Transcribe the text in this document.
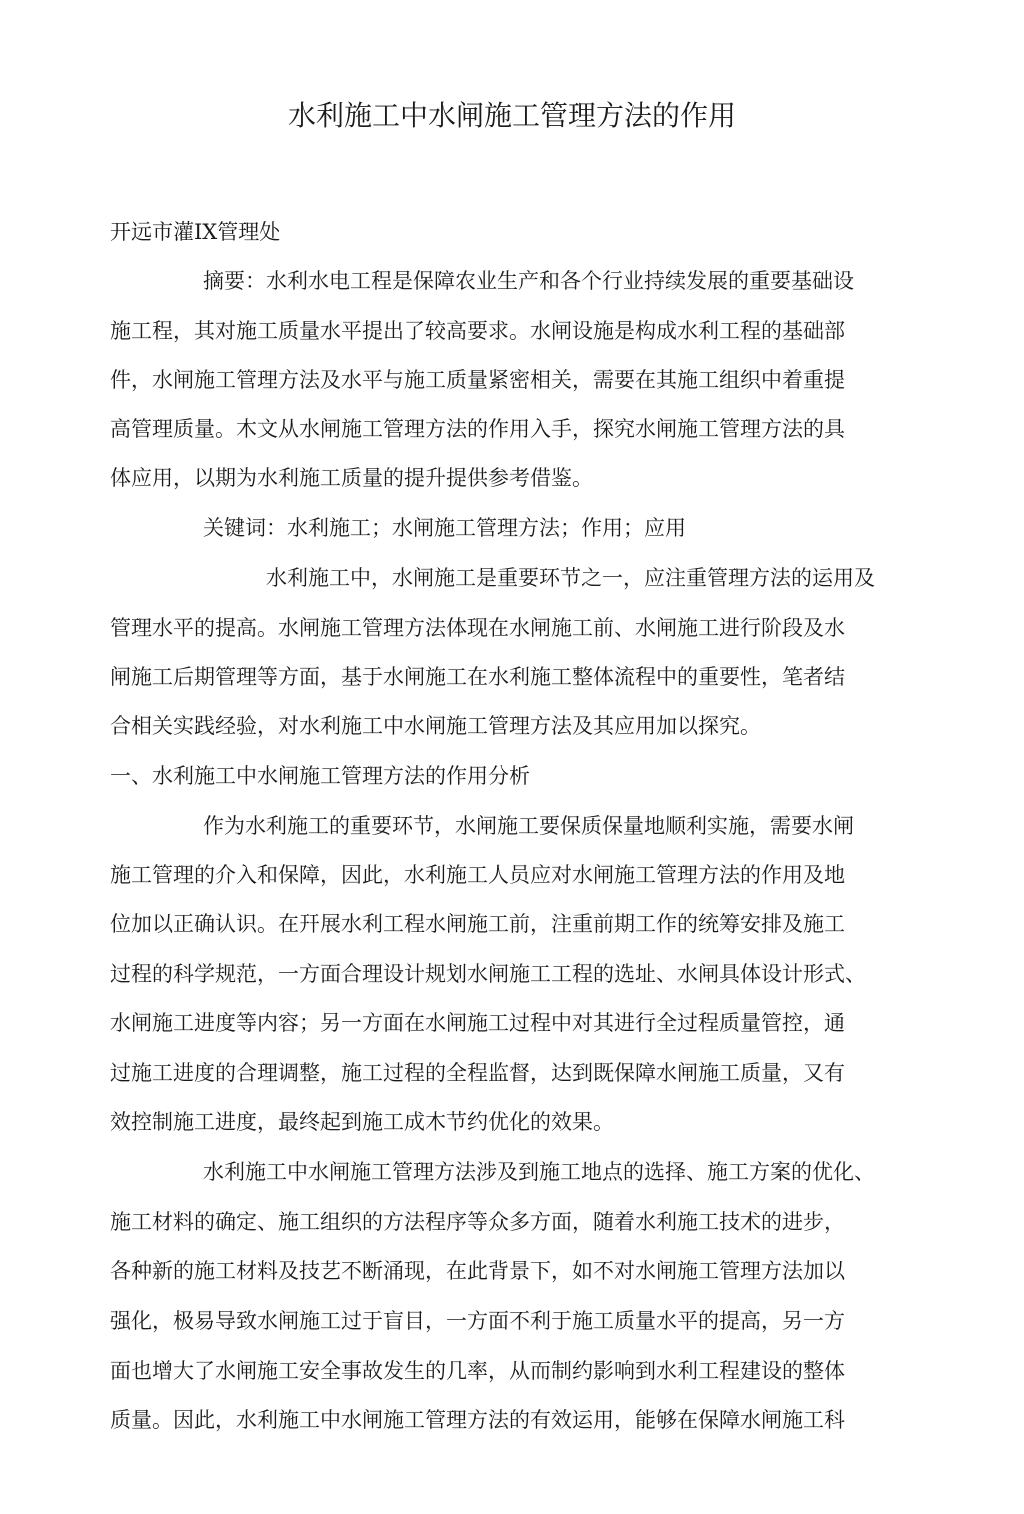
水利施工中水闸施工管理方法的作用
开远市灌IX管理处
摘要：水利水电工程是保障农业生产和各个行业持续发展的重要基础设
施工程，其对施工质量水平提出了较高要求。水闸设施是构成水利工程的基础部
件，水闸施工管理方法及水平与施工质量紧密相关，需要在其施工组织中着重提
高管理质量。木文从水闸施工管理方法的作用入手，探究水闸施工管理方法的具
体应用，以期为水利施工质量的提升提供参考借鉴。
关键词：水利施工；水闸施工管理方法；作用；应用
水利施工中，水闸施工是重要环节之一，应注重管理方法的运用及
管理水平的提高。水闸施工管理方法体现在水闸施工前、水闸施工进行阶段及水
闸施工后期管理等方面，基于水闸施工在水利施工整体流程中的重要性，笔者结
合相关实践经验，对水利施工中水闸施工管理方法及其应用加以探究。
一、水利施工中水闸施工管理方法的作用分析
作为水利施工的重要环节，水闸施工要保质保量地顺利实施，需要水闸
施工管理的介入和保障，因此，水利施工人员应对水闸施工管理方法的作用及地
位加以正确认识。在幵展水利工程水闸施工前，注重前期工作的统筹安排及施工
过程的科学规范，一方面合理设计规划水闸施工工程的选址、水闸具体设计形式、
水闸施工进度等内容；另一方面在水闸施工过程中对其进行全过程质量管控，通
过施工进度的合理调整，施工过程的全程监督，达到既保障水闸施工质量，又有
效控制施工进度，最终起到施工成木节约优化的效果。
水利施工中水闸施工管理方法涉及到施工地点的选择、施工方案的优化、
施工材料的确定、施工组织的方法程序等众多方面，随着水利施工技术的进步，
各种新的施工材料及技艺不断涌现，在此背景下，如不对水闸施工管理方法加以
强化，极易导致水闸施工过于盲目，一方面不利于施工质量水平的提高，另一方
面也增大了水闸施工安全事故发生的几率，从而制约影响到水利工程建设的整体
质量。因此，水利施工中水闸施工管理方法的有效运用，能够在保障水闸施工科
